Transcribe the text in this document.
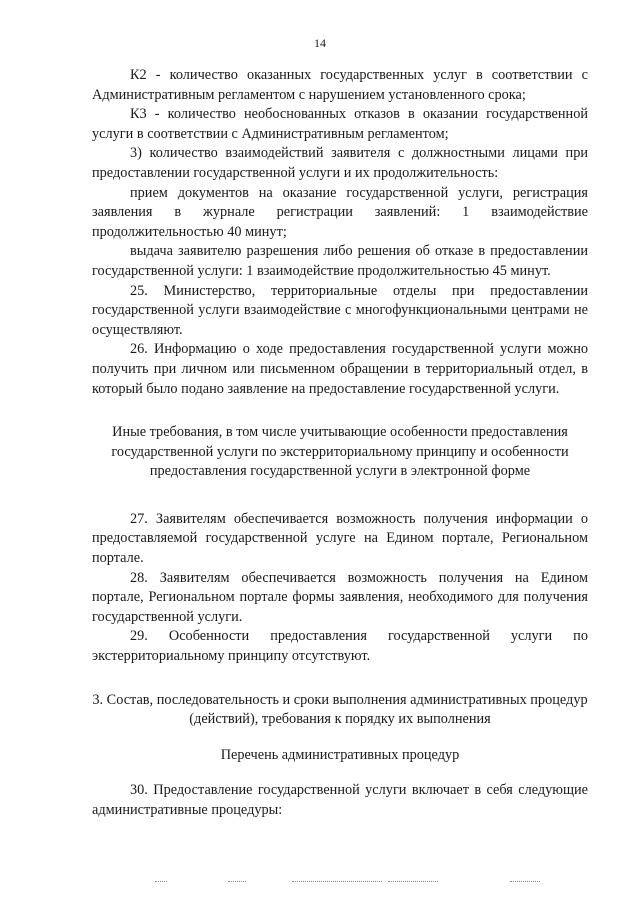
14

К2 - количество оказанных государственных услуг в соответствии с Административным регламентом с нарушением установленного срока;

К3 - количество необоснованных отказов в оказании государственной услуги в соответствии с Административным регламентом;

3) количество взаимодействий заявителя с должностными лицами при предоставлении государственной услуги и их продолжительность:

прием документов на оказание государственной услуги, регистрация заявления в журнале регистрации заявлений: 1 взаимодействие продолжительностью 40 минут;

выдача заявителю разрешения либо решения об отказе в предоставлении государственной услуги: 1 взаимодействие продолжительностью 45 минут.

25. Министерство, территориальные отделы при предоставлении государственной услуги взаимодействие с многофункциональными центрами не осуществляют.

26. Информацию о ходе предоставления государственной услуги можно получить при личном или письменном обращении в территориальный отдел, в который было подано заявление на предоставление государственной услуги.

Иные требования, в том числе учитывающие особенности предоставления государственной услуги по экстерриториальному принципу и особенности предоставления государственной услуги в электронной форме

27. Заявителям обеспечивается возможность получения информации о предоставляемой государственной услуге на Едином портале, Региональном портале.

28. Заявителям обеспечивается возможность получения на Едином портале, Региональном портале формы заявления, необходимого для получения государственной услуги.

29. Особенности предоставления государственной услуги по экстерриториальному принципу отсутствуют.

3. Состав, последовательность и сроки выполнения административных процедур (действий), требования к порядку их выполнения

Перечень административных процедур

30. Предоставление государственной услуги включает в себя следующие административные процедуры:
